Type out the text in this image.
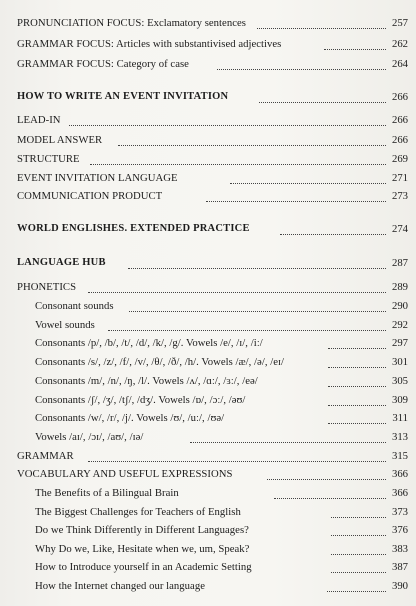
PRONUNCIATION FOCUS: Exclamatory sentences	257
GRAMMAR FOCUS: Articles with substantivised adjectives	262
GRAMMAR FOCUS: Category of case	264
HOW TO WRITE AN EVENT INVITATION	266
LEAD-IN	266
MODEL ANSWER	266
STRUCTURE	269
EVENT INVITATION LANGUAGE	271
COMMUNICATION PRODUCT	273
WORLD ENGLISHES. EXTENDED PRACTICE	274
LANGUAGE HUB	287
PHONETICS	289
Consonant sounds	290
Vowel sounds	292
Consonants /p/, /b/, /t/, /d/, /k/, /g/. Vowels /e/, /ɪ/, /iː/	297
Consonants /s/, /z/, /f/, /v/, /θ/, /ð/, /h/. Vowels /æ/, /ə/, /eɪ/	301
Consonants /m/, /n/, /ŋ, /l/. Vowels /ʌ/, /ɑː/, /ɜː/, /eə/	305
Consonants /ʃ/, /ʒ/, /tʃ/, /dʒ/. Vowels /ɒ/, /ɔː/, /əʊ/	309
Consonants /w/, /r/, /j/. Vowels /ʊ/, /uː/, /ʊə/	311
Vowels /aɪ/, /ɔɪ/, /aʊ/, /ɪə/	313
GRAMMAR	315
VOCABULARY AND USEFUL EXPRESSIONS	366
The Benefits of a Bilingual Brain	366
The Biggest Challenges for Teachers of English	373
Do we Think Differently in Different Languages?	376
Why Do we, Like, Hesitate when we, um, Speak?	383
How to Introduce yourself in an Academic Setting	387
How the Internet changed our language	390
